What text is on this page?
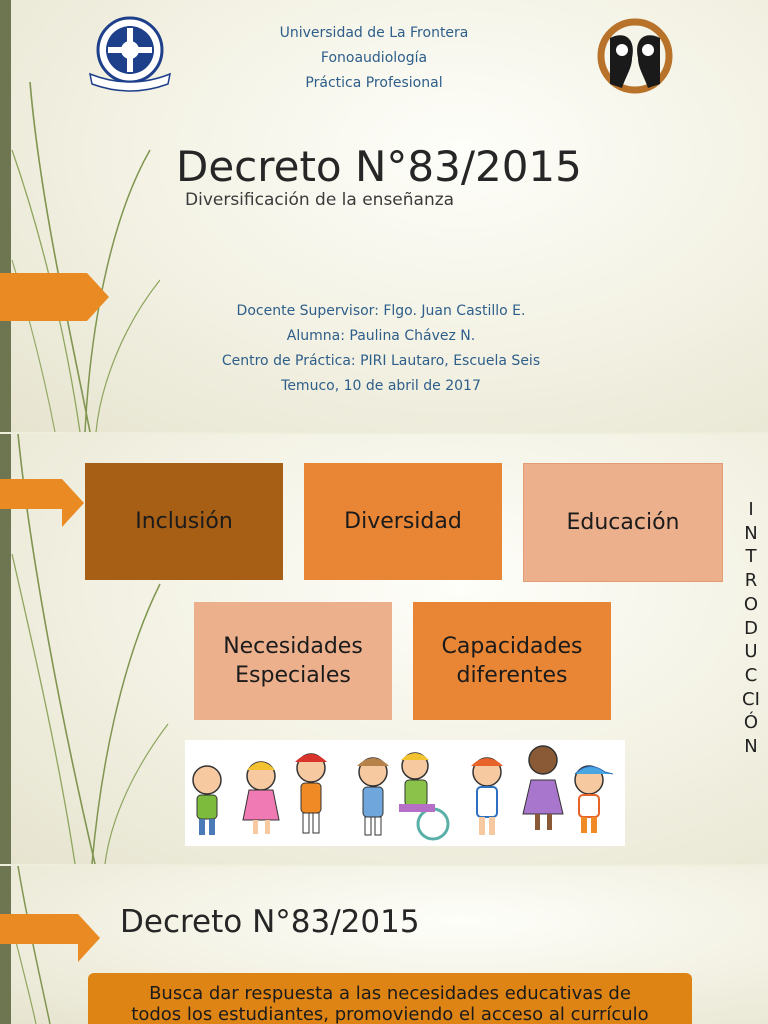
Universidad de La Frontera
Fonoaudiología
Práctica Profesional
Decreto N°83/2015
Diversificación de la enseñanza
Docente Supervisor: Flgo. Juan Castillo E.
Alumna: Paulina Chávez N.
Centro de Práctica: PIRI Lautaro, Escuela Seis
Temuco, 10 de abril de 2017
Inclusión	Diversidad	Educación
Necesidades Especiales
Capacidades diferentes
I
N
T
R
O
D
U
C
CI
Ó
N
Decreto N°83/2015
Busca dar respuesta a las necesidades educativas de
todos los estudiantes, promoviendo el acceso al currículo
